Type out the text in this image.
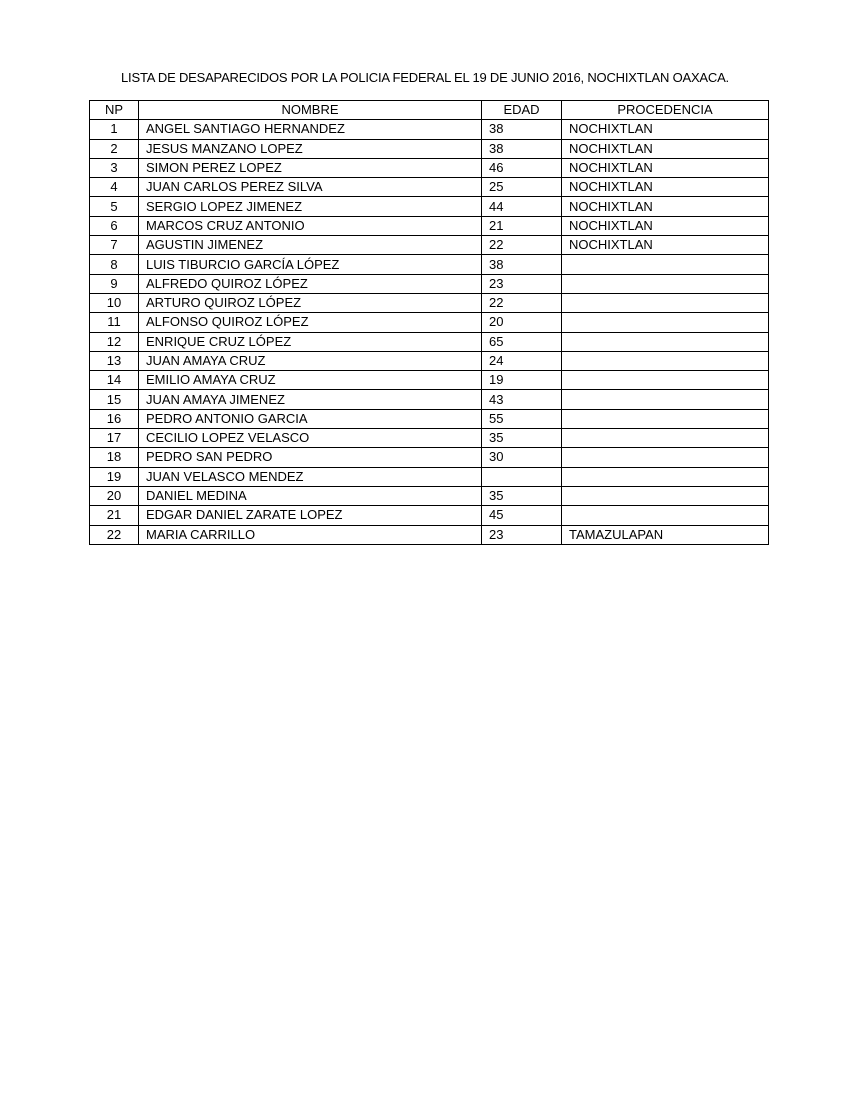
LISTA DE DESAPARECIDOS POR LA POLICIA FEDERAL EL 19 DE JUNIO 2016, NOCHIXTLAN OAXACA.
NP	NOMBRE	EDAD	PROCEDENCIA
1	ANGEL SANTIAGO HERNANDEZ	38	NOCHIXTLAN
2	JESUS MANZANO LOPEZ	38	NOCHIXTLAN
3	SIMON PEREZ LOPEZ	46	NOCHIXTLAN
4	JUAN CARLOS PEREZ SILVA	25	NOCHIXTLAN
5	SERGIO LOPEZ JIMENEZ	44	NOCHIXTLAN
6	MARCOS CRUZ ANTONIO	21	NOCHIXTLAN
7	AGUSTIN JIMENEZ	22	NOCHIXTLAN
8	LUIS TIBURCIO GARCÍA LÓPEZ	38	
9	ALFREDO QUIROZ LÓPEZ	23	
10	ARTURO QUIROZ LÓPEZ	22	
11	ALFONSO QUIROZ LÓPEZ	20	
12	ENRIQUE CRUZ LÓPEZ	65	
13	JUAN AMAYA CRUZ	24	
14	EMILIO AMAYA CRUZ	19	
15	JUAN AMAYA JIMENEZ	43	
16	PEDRO ANTONIO GARCIA	55	
17	CECILIO LOPEZ VELASCO	35	
18	PEDRO SAN PEDRO	30	
19	JUAN VELASCO MENDEZ		
20	DANIEL MEDINA	35	
21	EDGAR DANIEL ZARATE LOPEZ	45	
22	MARIA CARRILLO	23	TAMAZULAPAN
